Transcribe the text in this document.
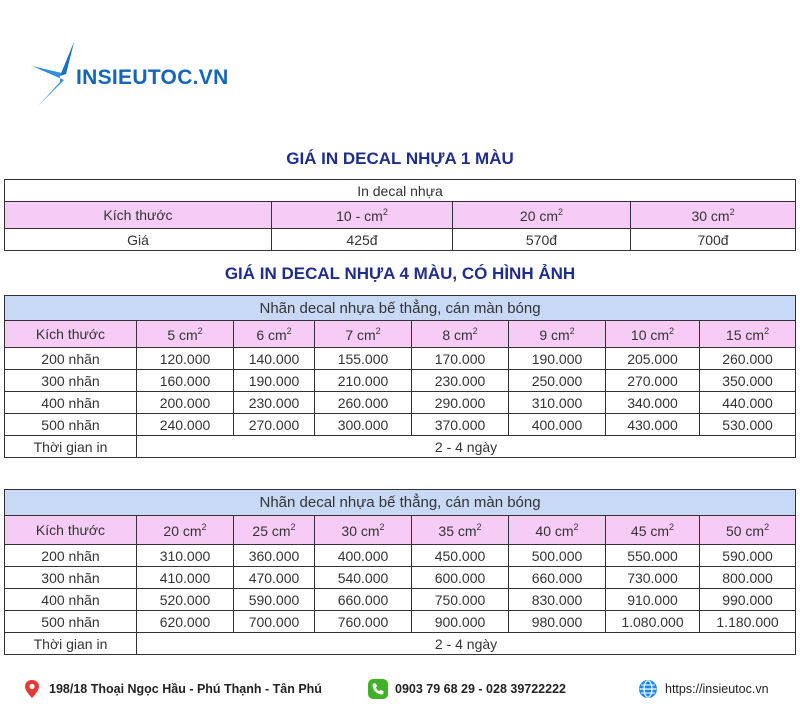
INSIEUTOC.VN
GIÁ IN DECAL NHỰA 1 MÀU
In decal nhựa			
Kích thước	$10 - cm^2$	20 $cm^2$	30 $cm^2$
Giá	425đ	570đ	700đ
GIÁ IN DECAL NHỰA 4 MÀU, CÓ HÌNH ẢNH
Nhãn decal nhựa bế thẳng, cán màn bóng							
Kích thước	5 $cm^2$	6 $cm^2$	7 $cm^2$	8 $cm^2$	9 $cm^2$	10 $cm^2$	15 $cm^2$
200 nhãn	120.000	140.000	155.000	170.000	190.000	205.000	260.000
300 nhãn	160.000	190.000	210.000	230.000	250.000	270.000	350.000
400 nhãn	200.000	230.000	260.000	290.000	310.000	340.000	440.000
500 nhãn	240.000	270.000	300.000	370.000	400.000	430.000	530.000
Thời gian in	2 - 4 ngày						
Nhãn decal nhựa bế thẳng, cán màn bóng							
Kích thước	20 $cm^2$	25 $cm^2$	30 $cm^2$	35 $cm^2$	40 $cm^2$	45 $cm^2$	50 $cm^2$
200 nhãn	310.000	360.000	400.000	450.000	500.000	550.000	590.000
300 nhãn	410.000	470.000	540.000	600.000	660.000	730.000	800.000
400 nhãn	520.000	590.000	660.000	750.000	830.000	910.000	990.000
500 nhãn	620.000	700.000	760.000	900.000	980.000	1.080.000	1.180.000
Thời gian in	2 - 4 ngày						
198/18 Thoại Ngọc Hầu - Phú Thạnh - Tân Phú	0903 79 68 29 - 028 39722222	https://insieutoc.vn
